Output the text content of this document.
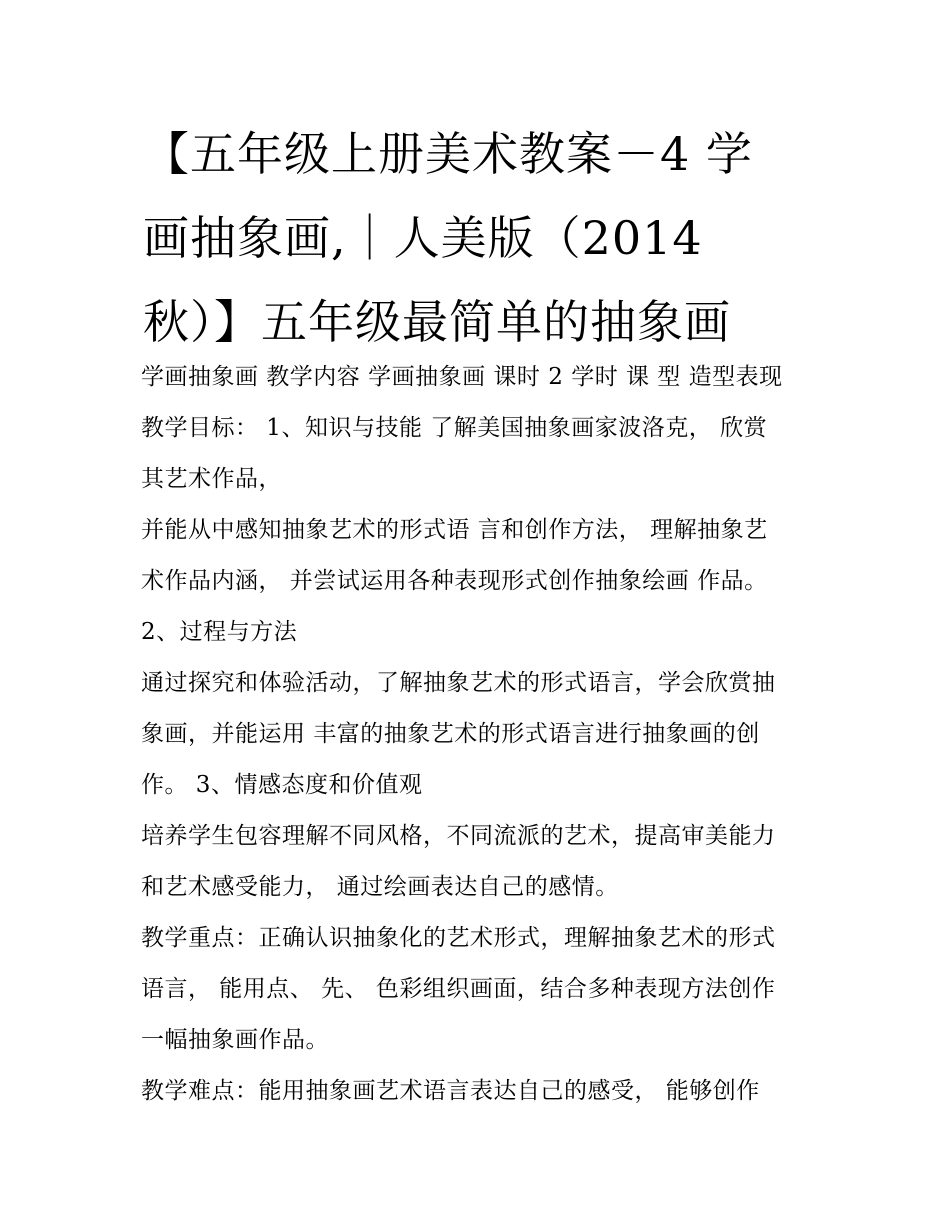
【五年级上册美术教案－4 学
画抽象画,｜人美版（2014
秋）】五年级最简单的抽象画
学画抽象画 教学内容 学画抽象画 课时 2 学时 课 型 造型表现
教学目标： 1、知识与技能 了解美国抽象画家波洛克， 欣赏
其艺术作品，
并能从中感知抽象艺术的形式语 言和创作方法， 理解抽象艺
术作品内涵， 并尝试运用各种表现形式创作抽象绘画 作品。
2、过程与方法
通过探究和体验活动，了解抽象艺术的形式语言，学会欣赏抽
象画，并能运用 丰富的抽象艺术的形式语言进行抽象画的创
作。 3、情感态度和价值观
培养学生包容理解不同风格，不同流派的艺术，提高审美能力
和艺术感受能力， 通过绘画表达自己的感情。
教学重点：正确认识抽象化的艺术形式，理解抽象艺术的形式
语言， 能用点、 先、 色彩组织画面，结合多种表现方法创作
一幅抽象画作品。
教学难点：能用抽象画艺术语言表达自己的感受， 能够创作
